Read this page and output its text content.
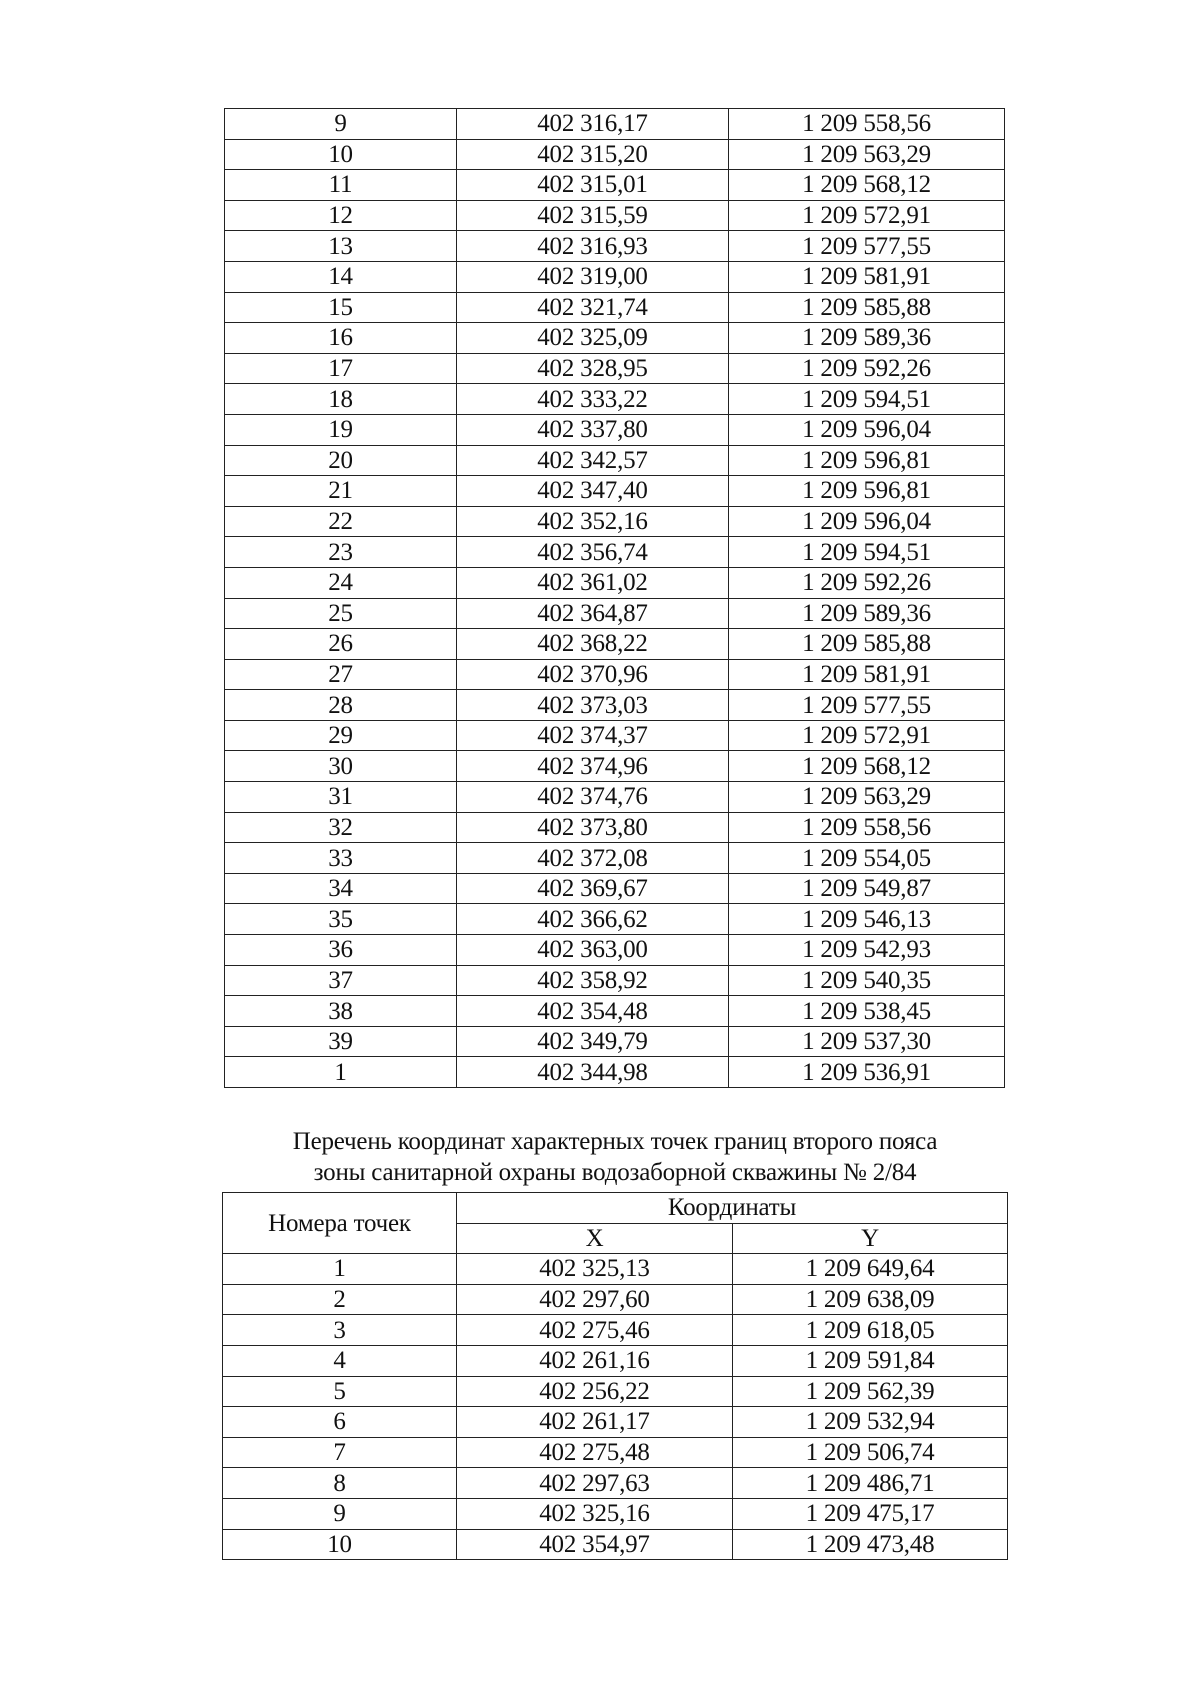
9	402 316,17	1 209 558,56
10	402 315,20	1 209 563,29
11	402 315,01	1 209 568,12
12	402 315,59	1 209 572,91
13	402 316,93	1 209 577,55
14	402 319,00	1 209 581,91
15	402 321,74	1 209 585,88
16	402 325,09	1 209 589,36
17	402 328,95	1 209 592,26
18	402 333,22	1 209 594,51
19	402 337,80	1 209 596,04
20	402 342,57	1 209 596,81
21	402 347,40	1 209 596,81
22	402 352,16	1 209 596,04
23	402 356,74	1 209 594,51
24	402 361,02	1 209 592,26
25	402 364,87	1 209 589,36
26	402 368,22	1 209 585,88
27	402 370,96	1 209 581,91
28	402 373,03	1 209 577,55
29	402 374,37	1 209 572,91
30	402 374,96	1 209 568,12
31	402 374,76	1 209 563,29
32	402 373,80	1 209 558,56
33	402 372,08	1 209 554,05
34	402 369,67	1 209 549,87
35	402 366,62	1 209 546,13
36	402 363,00	1 209 542,93
37	402 358,92	1 209 540,35
38	402 354,48	1 209 538,45
39	402 349,79	1 209 537,30
1	402 344,98	1 209 536,91
Перечень координат характерных точек границ второго пояса
зоны санитарной охраны водозаборной скважины № 2/84
Номера точек	Координаты	
	X	Y
1	402 325,13	1 209 649,64
2	402 297,60	1 209 638,09
3	402 275,46	1 209 618,05
4	402 261,16	1 209 591,84
5	402 256,22	1 209 562,39
6	402 261,17	1 209 532,94
7	402 275,48	1 209 506,74
8	402 297,63	1 209 486,71
9	402 325,16	1 209 475,17
10	402 354,97	1 209 473,48
